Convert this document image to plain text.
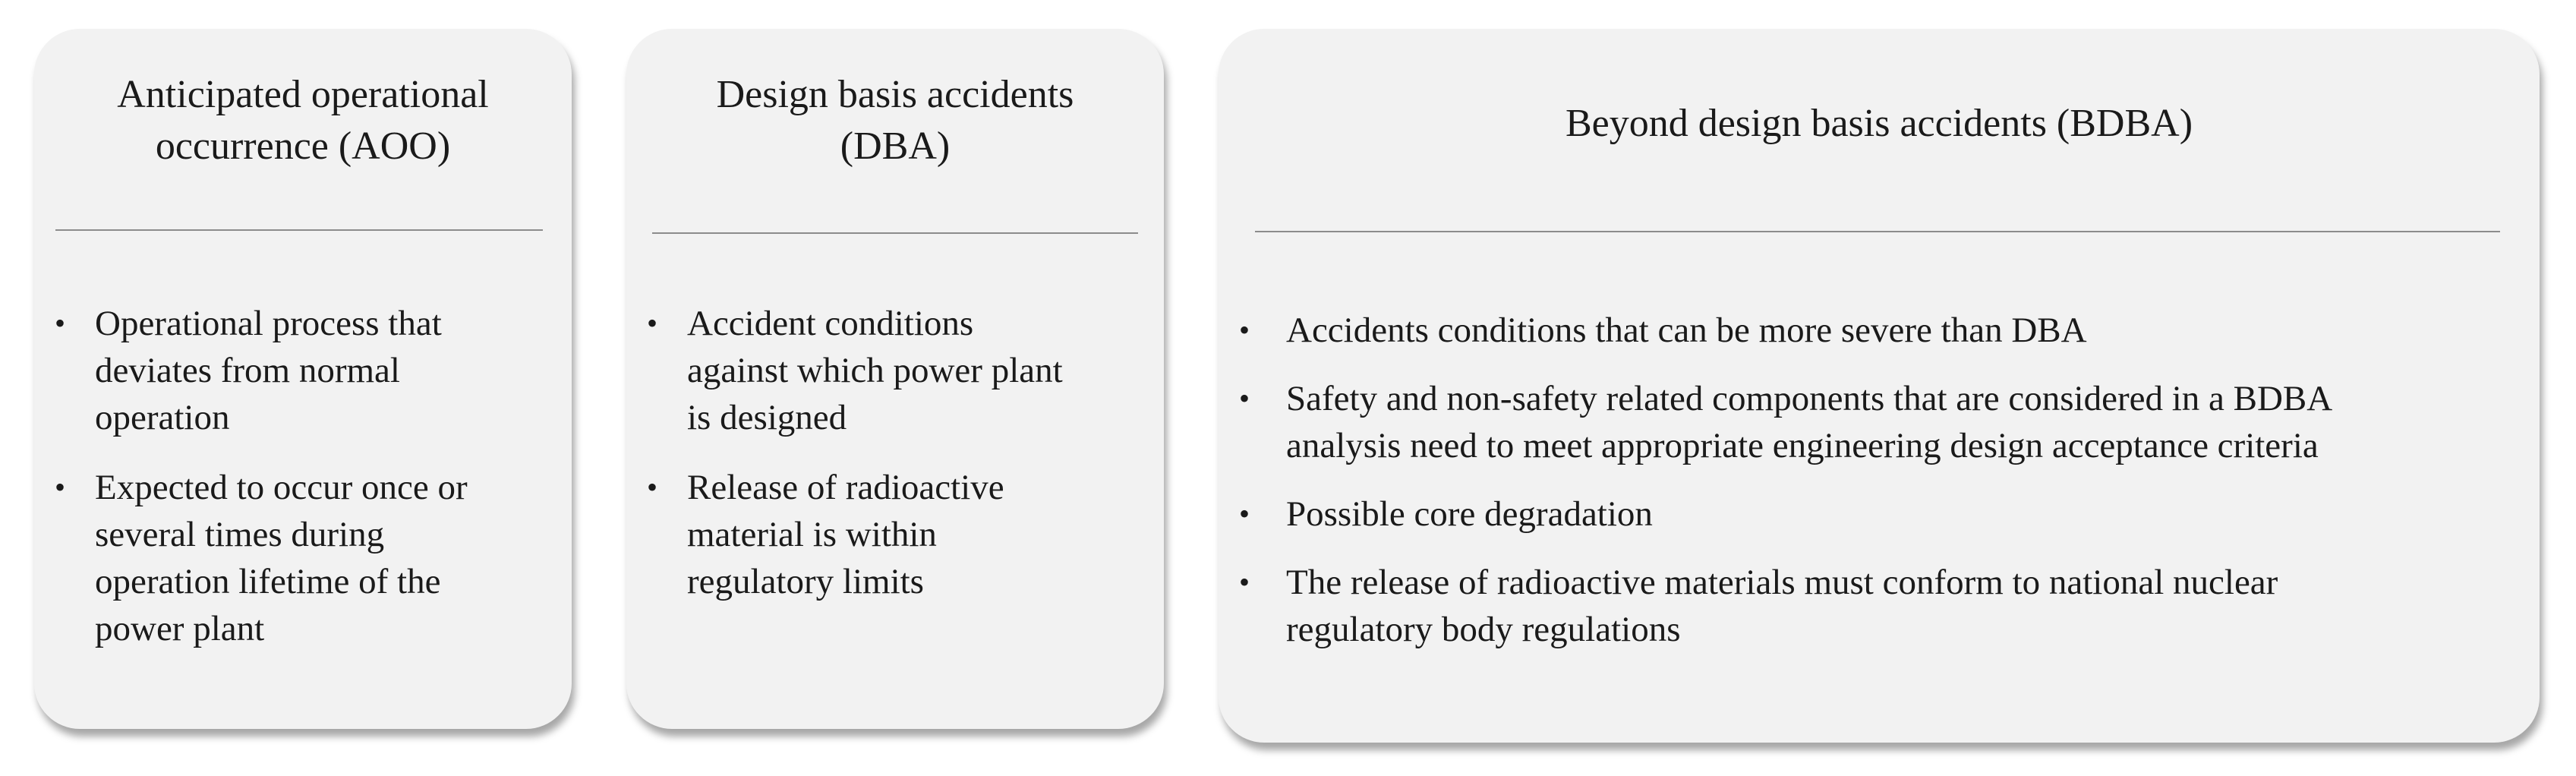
Anticipated operational
occurrence (AOO)
• Operational process that
deviates from normal
operation
• Expected to occur once or
several times during
operation lifetime of the
power plant
Design basis accidents
(DBA)
• Accident conditions
against which power plant
is designed
• Release of radioactive
material is within
regulatory limits
Beyond design basis accidents (BDBA)
• Accidents conditions that can be more severe than DBA
• Safety and non-safety related components that are considered in a BDBA
analysis need to meet appropriate engineering design acceptance criteria
• Possible core degradation
• The release of radioactive materials must conform to national nuclear
regulatory body regulations
